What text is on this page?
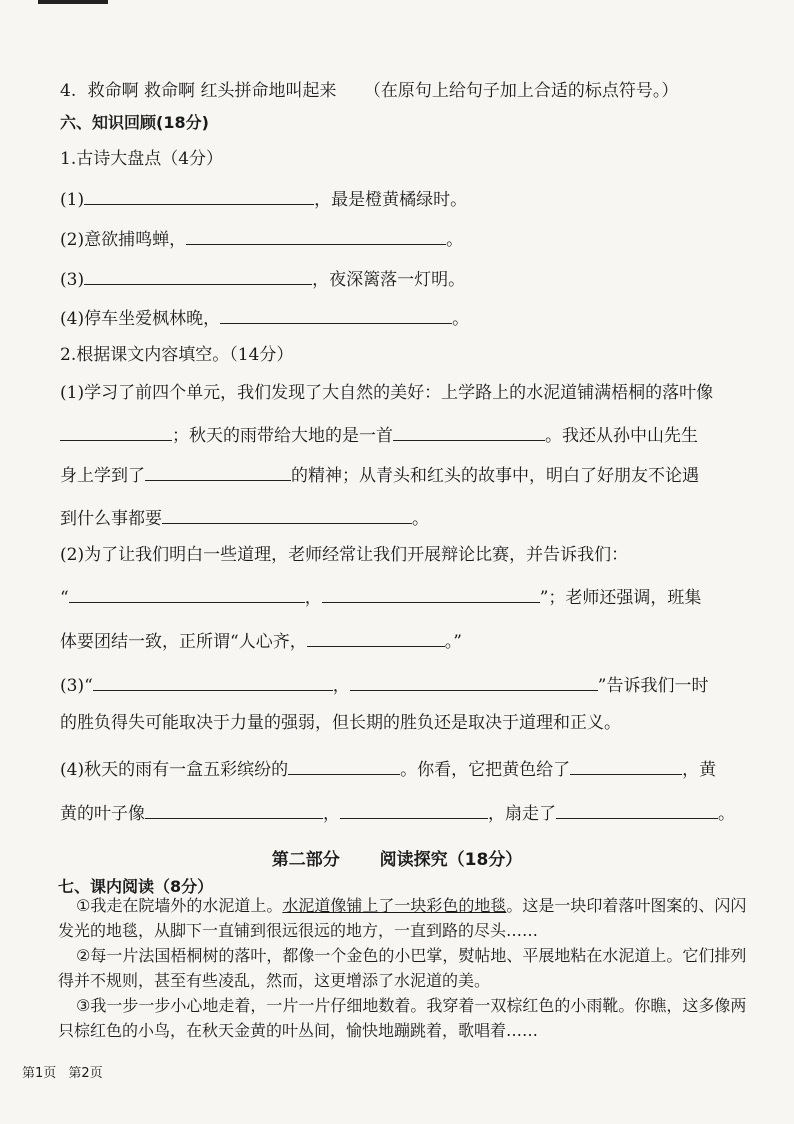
4. 救命啊 救命啊 红头拼命地叫起来 （在原句上给句子加上合适的标点符号。）
六、知识回顾(18分)
1.古诗大盘点（4分）
(1)	，最是橙黄橘绿时。
(2)意欲捕鸣蝉，	。
(3)	，夜深篱落一灯明。
(4)停车坐爱枫林晚，	。
2.根据课文内容填空。（14分）
(1)学习了前四个单元，我们发现了大自然的美好：上学路上的水泥道铺满梧桐的落叶像
；秋天的雨带给大地的是一首	。我还从孙中山先生
身上学到了	的精神；从青头和红头的故事中，明白了好朋友不论遇
到什么事都要	。
(2)为了让我们明白一些道理，老师经常让我们开展辩论比赛，并告诉我们：
“	，	”；老师还强调，班集
体要团结一致，正所谓“人心齐，	。”
(3)“	，	”告诉我们一时
的胜负得失可能取决于力量的强弱，但长期的胜负还是取决于道理和正义。
(4)秋天的雨有一盒五彩缤纷的	。你看，它把黄色给了	，黄
黄的叶子像	，	，扇走了	。
第二部分 阅读探究（18分）
七、课内阅读（8分）

①我走在院墙外的水泥道上。水泥道像铺上了一块彩色的地毯。这是一块印着落叶图案的、闪闪发光的地毯，从脚下一直铺到很远很远的地方，一直到路的尽头……

②每一片法国梧桐树的落叶，都像一个金色的小巴掌，熨帖地、平展地粘在水泥道上。它们排列得并不规则，甚至有些凌乱，然而，这更增添了水泥道的美。

③我一步一步小心地走着，一片一片仔细地数着。我穿着一双棕红色的小雨靴。你瞧，这多像两只棕红色的小鸟，在秋天金黄的叶丛间，愉快地蹦跳着，歌唱着……

第1页 第2页
